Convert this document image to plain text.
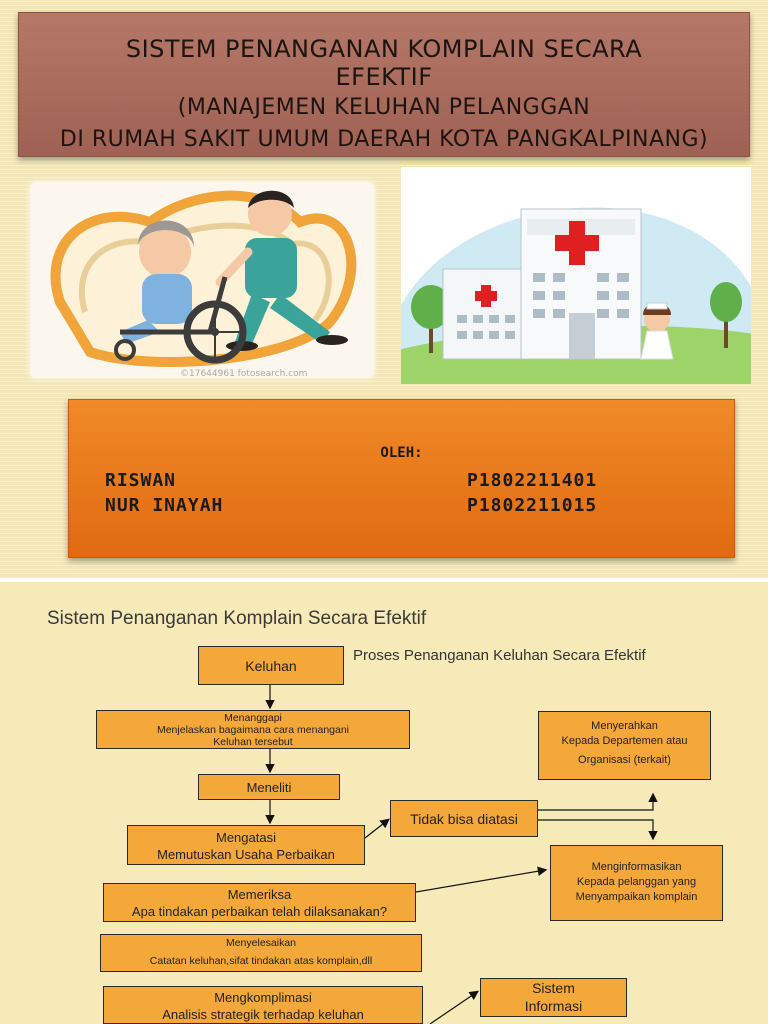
SISTEM PENANGANAN KOMPLAIN SECARA
EFEKTIF
(MANAJEMEN KELUHAN PELANGGAN
DI RUMAH SAKIT UMUM DAERAH KOTA PANGKALPINANG)
©17644961 fotosearch.com
OLEH:
RISWAN	P1802211401
NUR INAYAH	P1802211015
Sistem Penanganan Komplain Secara Efektif
Proses Penanganan Keluhan Secara Efektif
Keluhan
Menanggapi
Menjelaskan bagaimana cara menangani
Keluhan tersebut
Meneliti
Mengatasi
Memutuskan Usaha Perbaikan
Memeriksa
Apa tindakan perbaikan telah dilaksanakan?
Menyelesaikan
Catatan keluhan,sifat tindakan atas komplain,dll
Mengkomplimasi
Analisis strategik terhadap keluhan
Tidak bisa diatasi
Menyerahkan
Kepada Departemen atau
Organisasi (terkait)
Menginformasikan
Kepada pelanggan yang
Menyampaikan komplain
Sistem
Informasi
